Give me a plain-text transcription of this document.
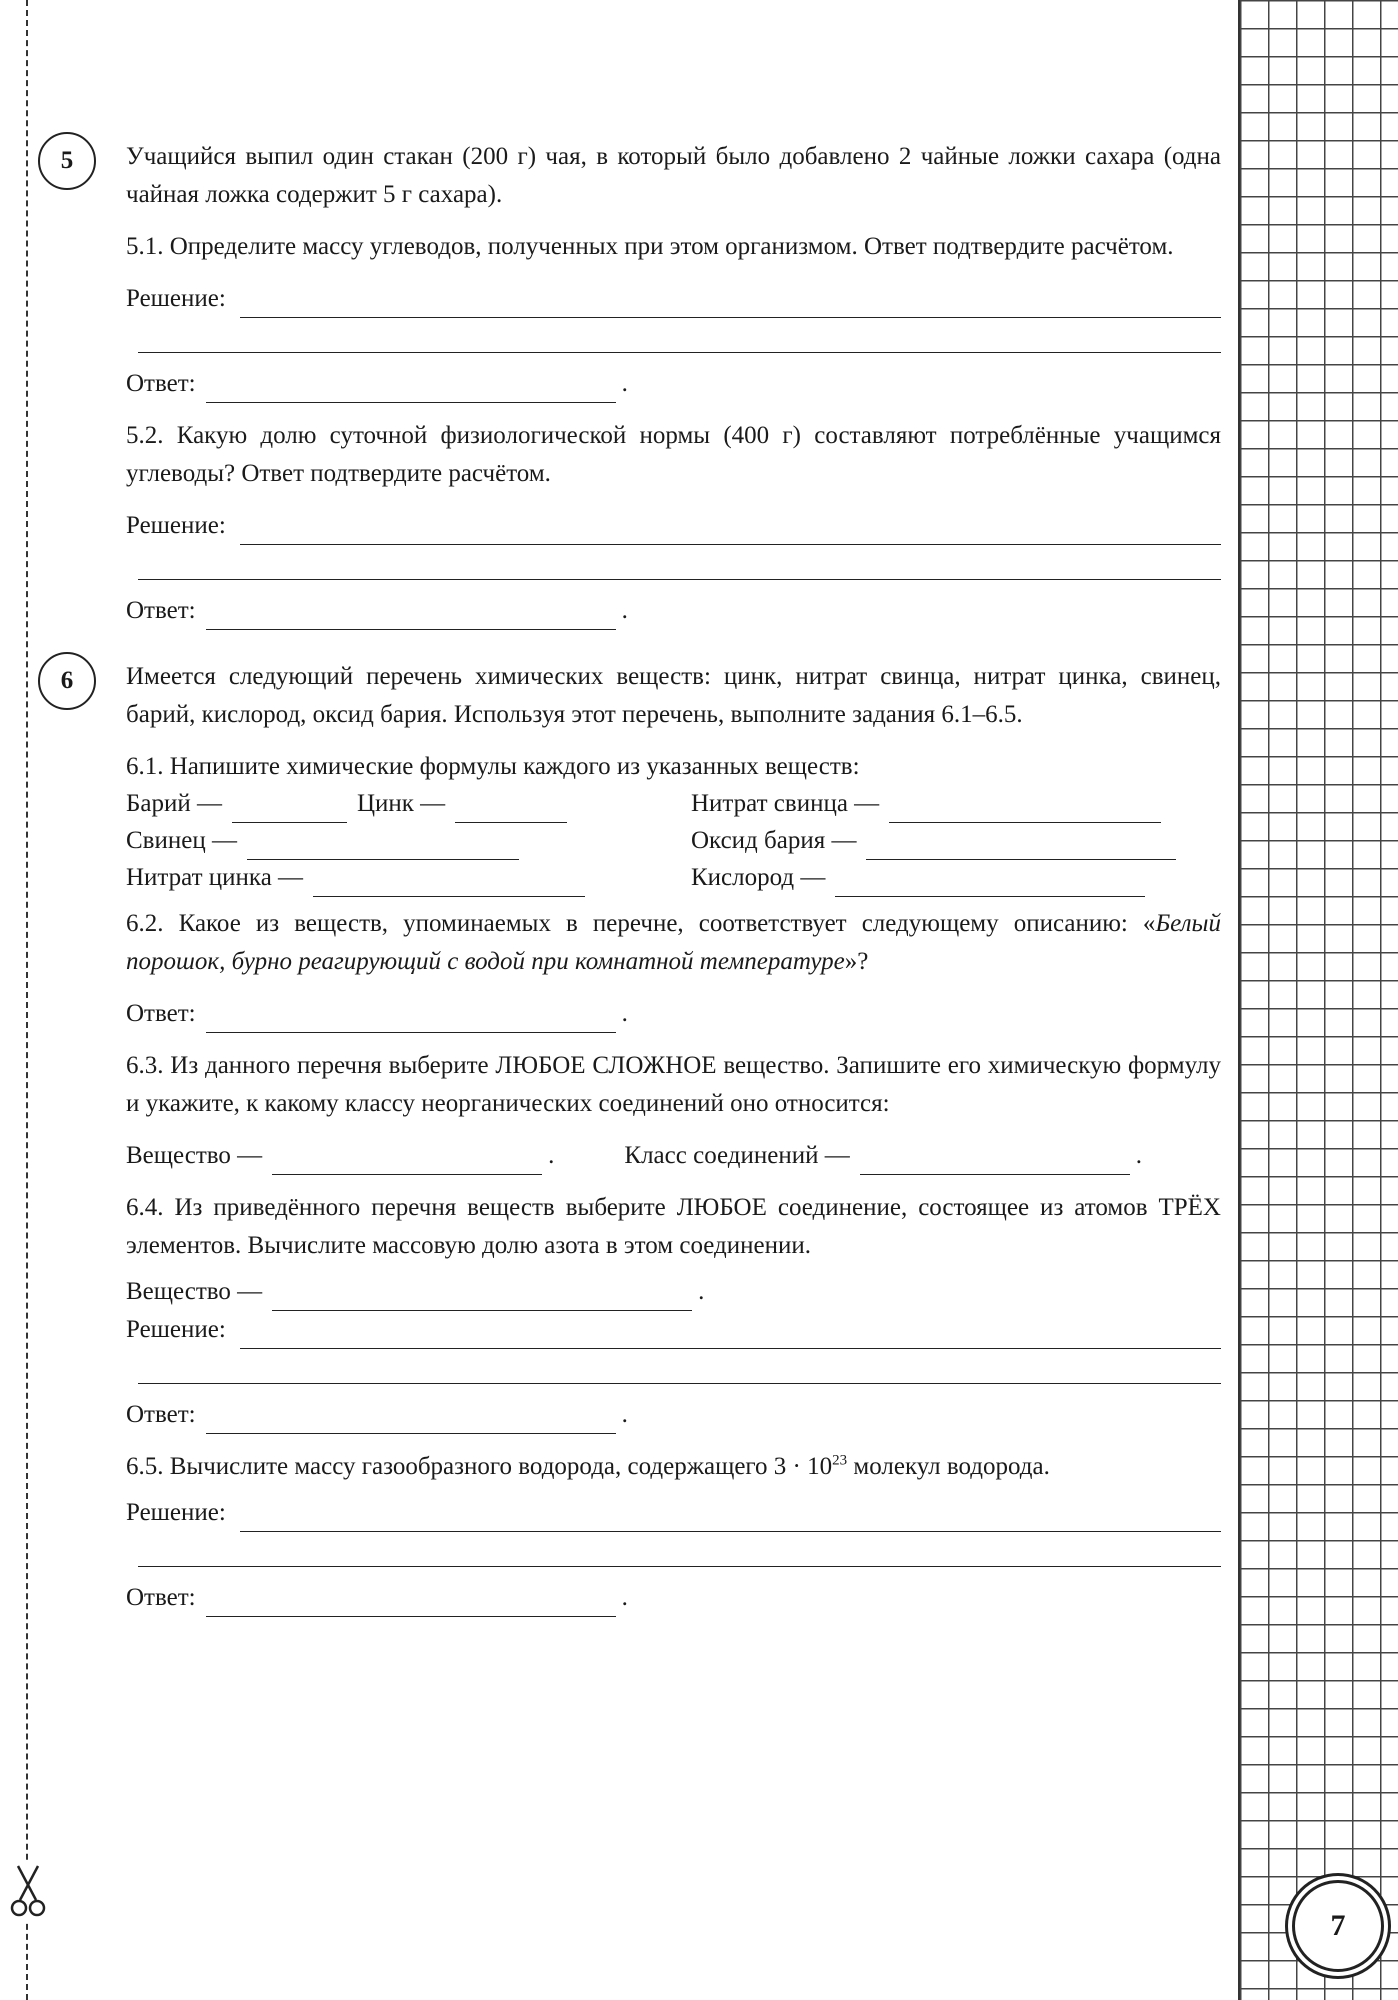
7
5 Учащийся выпил один стакан (200 г) чая, в который было добавлено 2 чайные ложки сахара (одна чайная ложка содержит 5 г сахара).

5.1. Определите массу углеводов, полученных при этом организмом. Ответ подтвердите расчётом.

Решение:
Ответ:	.

5.2. Какую долю суточной физиологической нормы (400 г) составляют потреблённые учащимся углеводы? Ответ подтвердите расчётом.

Решение:
Ответ:	.
6 Имеется следующий перечень химических веществ: цинк, нитрат свинца, нитрат цинка, свинец, барий, кислород, оксид бария. Используя этот перечень, выполните задания 6.1–6.5.

6.1. Напишите химические формулы каждого из указанных веществ:

Барий —	Цинк —	Нитрат свинца —
Свинец —	Оксид бария —
Нитрат цинка —	Кислород —

6.2. Какое из веществ, упоминаемых в перечне, соответствует следующему описанию: «Белый порошок, бурно реагирующий с водой при комнатной температуре»?

Ответ:	.

6.3. Из данного перечня выберите ЛЮБОЕ СЛОЖНОЕ вещество. Запишите его химическую формулу и укажите, к какому классу неорганических соединений оно относится:

Вещество —	.	Класс соединений —	.

6.4. Из приведённого перечня веществ выберите ЛЮБОЕ соединение, состоящее из атомов ТРЁХ элементов. Вычислите массовую долю азота в этом соединении.

Вещество —	.
Решение:
Ответ:	.

6.5. Вычислите массу газообразного водорода, содержащего $3 \cdot 10^{23}$ молекул водорода.

Решение:
Ответ:	.
